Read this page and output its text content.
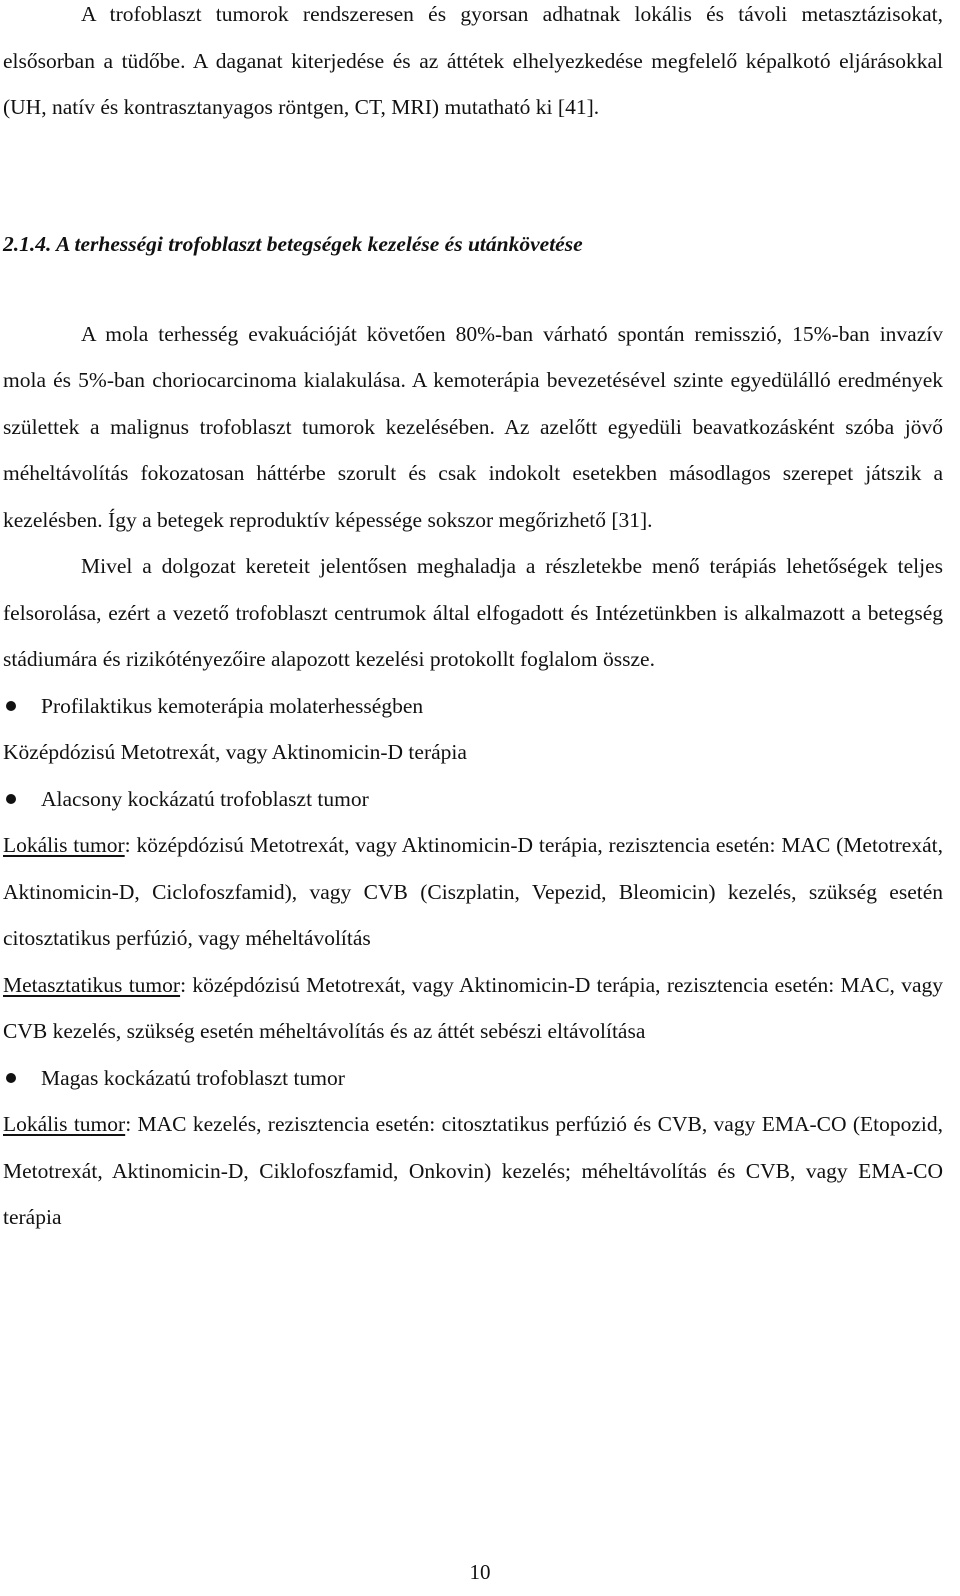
A trofoblaszt tumorok rendszeresen és gyorsan adhatnak lokális és távoli metasztázisokat, elsősorban a tüdőbe. A daganat kiterjedése és az áttétek elhelyezkedése megfelelő képalkotó eljárásokkal (UH, natív és kontrasztanyagos röntgen, CT, MRI) mutatható ki [41].

2.1.4. A terhességi trofoblaszt betegségek kezelése és utánkövetése

A mola terhesség evakuációját követően 80%-ban várható spontán remisszió, 15%-ban invazív mola és 5%-ban choriocarcinoma kialakulása. A kemoterápia bevezetésével szinte egyedülálló eredmények születtek a malignus trofoblaszt tumorok kezelésében. Az azelőtt egyedüli beavatkozásként szóba jövő méheltávolítás fokozatosan háttérbe szorult és csak indokolt esetekben másodlagos szerepet játszik a kezelésben. Így a betegek reproduktív képessége sokszor megőrizhető [31].

Mivel a dolgozat kereteit jelentősen meghaladja a részletekbe menő terápiás lehetőségek teljes felsorolása, ezért a vezető trofoblaszt centrumok által elfogadott és Intézetünkben is alkalmazott a betegség stádiumára és rizikótényezőire alapozott kezelési protokollt foglalom össze.

Profilaktikus kemoterápia molaterhességben

Középdózisú Metotrexát, vagy Aktinomicin-D terápia

Alacsony kockázatú trofoblaszt tumor

Lokális tumor: középdózisú Metotrexát, vagy Aktinomicin-D terápia, rezisztencia esetén: MAC (Metotrexát, Aktinomicin-D, Ciclofoszfamid), vagy CVB (Ciszplatin, Vepezid, Bleomicin) kezelés, szükség esetén citosztatikus perfúzió, vagy méheltávolítás

Metasztatikus tumor: középdózisú Metotrexát, vagy Aktinomicin-D terápia, rezisztencia esetén: MAC, vagy CVB kezelés, szükség esetén méheltávolítás és az áttét sebészi eltávolítása

Magas kockázatú trofoblaszt tumor

Lokális tumor: MAC kezelés, rezisztencia esetén: citosztatikus perfúzió és CVB, vagy EMA-CO (Etopozid, Metotrexát, Aktinomicin-D, Ciklofoszfamid, Onkovin) kezelés; méheltávolítás és CVB, vagy EMA-CO terápia

10
